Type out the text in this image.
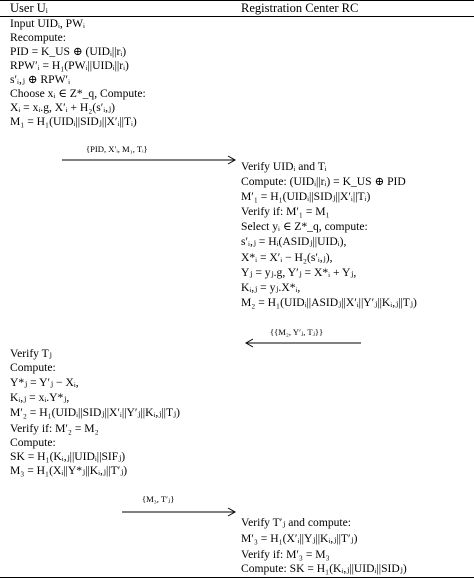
User Uᵢ	Registration Center RC
Input UIDᵢ, PWᵢ
Recompute:
PID = K_US ⊕ (UIDᵢ||rᵢ)
RPW′ᵢ = H₁(PWᵢ||UIDᵢ||rᵢ)
s′ᵢ,ⱼ ⊕ RPW′ᵢ
Choose xᵢ ∈ Z*_q, Compute:
Xᵢ = xᵢ.g, X′ᵢ + H₂(s′ᵢ,ⱼ)
M₁ = H₁(UIDᵢ||SIDⱼ||X′ᵢ||Tᵢ)
{PID, X′ᵢ, M₁, Tᵢ}
Verify UIDᵢ and Tᵢ
Compute: (UIDᵢ||rᵢ) = K_US ⊕ PID
M′₁ = H₁(UIDᵢ||SIDⱼ||X′ᵢ||Tᵢ)
Verify if: M′₁ = M₁
Select yᵢ ∈ Z*_q, compute:
s′ᵢ,ⱼ = Hᵢ(ASIDⱼ||UIDᵢ),
X*ᵢ = X′ᵢ − H₂(s′ᵢ,ⱼ),
Yⱼ = yⱼ.g, Y′ⱼ = X*ᵢ + Yⱼ,
Kᵢ,ⱼ = yⱼ.X*ᵢ,
M₂ = H₁(UIDᵢ||ASIDⱼ||X′ᵢ||Y′ⱼ||Kᵢ,ⱼ||Tⱼ)
{{M₂, Y′ⱼ, Tⱼ}}
Verify Tⱼ
Compute:
Y*ⱼ = Y′ⱼ − Xᵢ,
Kᵢ,ⱼ = xᵢ.Y*ⱼ,
M′₂ = H₁(UIDᵢ||SIDⱼ||X′ᵢ||Y′ⱼ||Kᵢ,ⱼ||Tⱼ)
Verify if: M′₂ = M₂
Compute:
SK = H₁(Kᵢ,ⱼ||UIDᵢ||SIFⱼ)
M₃ = H₁(Xᵢ||Y*ⱼ||Kᵢ,ⱼ||T′ⱼ)
{M₃, T′ⱼ}
Verify T′ⱼ and compute:
M′₃ = H₁(X′ᵢ||Yⱼ||Kᵢ,ⱼ||T′ⱼ)
Verify if: M′₃ = M₃
Compute: SK = H₁(Kᵢ,ⱼ||UIDᵢ||SIDⱼ)
